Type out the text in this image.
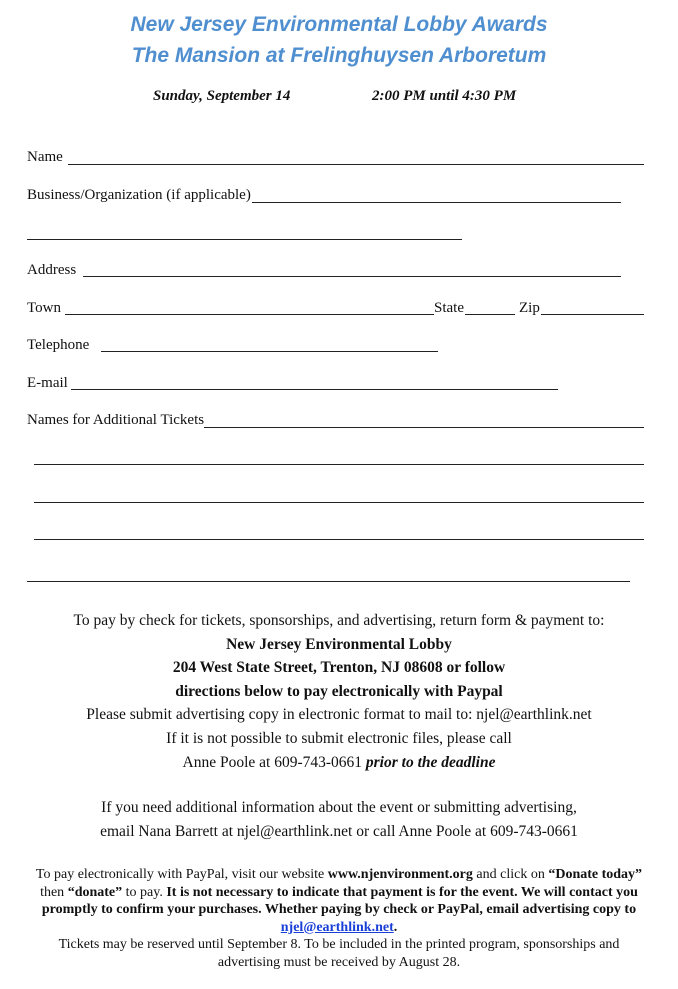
New Jersey Environmental Lobby Awards
The Mansion at Frelinghuysen Arboretum
Sunday, September 14	2:00 PM until 4:30 PM
Name
Business/Organization (if applicable)
Address
Town	State	Zip
Telephone
E-mail
Names for Additional Tickets

To pay by check for tickets, sponsorships, and advertising, return form & payment to:

New Jersey Environmental Lobby

204 West State Street, Trenton, NJ 08608 or follow

directions below to pay electronically with Paypal

Please submit advertising copy in electronic format to mail to: njel@earthlink.net

If it is not possible to submit electronic files, please call

Anne Poole at 609-743-0661 prior to the deadline

If you need additional information about the event or submitting advertising,

email Nana Barrett at njel@earthlink.net or call Anne Poole at 609-743-0661

To pay electronically with PayPal, visit our website www.njenvironment.org and click on “Donate today” then “donate” to pay. It is not necessary to indicate that payment is for the event. We will contact you promptly to confirm your purchases. Whether paying by check or PayPal, email advertising copy to njel@earthlink.net.

Tickets may be reserved until September 8. To be included in the printed program, sponsorships and advertising must be received by August 28.
